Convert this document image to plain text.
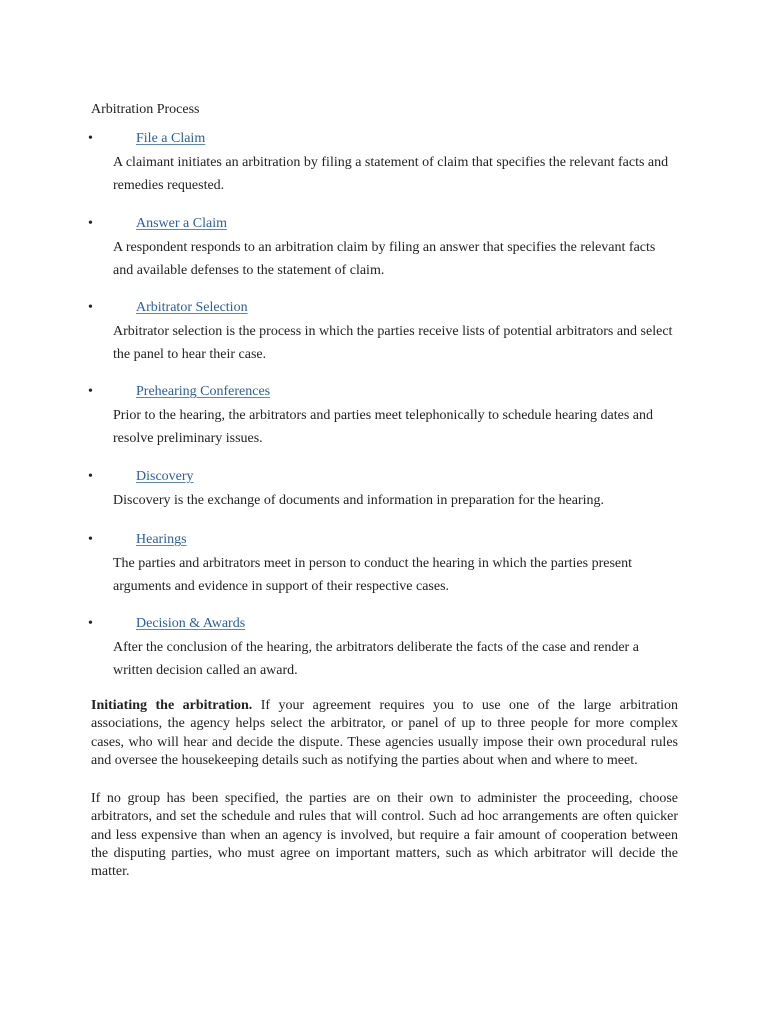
Arbitration Process
•	File a Claim

A claimant initiates an arbitration by filing a statement of claim that specifies the relevant facts and remedies requested.

•	Answer a Claim

A respondent responds to an arbitration claim by filing an answer that specifies the relevant facts and available defenses to the statement of claim.

•	Arbitrator Selection

Arbitrator selection is the process in which the parties receive lists of potential arbitrators and select the panel to hear their case.

•	Prehearing Conferences

Prior to the hearing, the arbitrators and parties meet telephonically to schedule hearing dates and resolve preliminary issues.

•	Discovery

Discovery is the exchange of documents and information in preparation for the hearing.

•	Hearings

The parties and arbitrators meet in person to conduct the hearing in which the parties present arguments and evidence in support of their respective cases.

•	Decision & Awards

After the conclusion of the hearing, the arbitrators deliberate the facts of the case and render a written decision called an award.

Initiating the arbitration. If your agreement requires you to use one of the large arbitration associations, the agency helps select the arbitrator, or panel of up to three people for more complex cases, who will hear and decide the dispute. These agencies usually impose their own procedural rules and oversee the housekeeping details such as notifying the parties about when and where to meet.

If no group has been specified, the parties are on their own to administer the proceeding, choose arbitrators, and set the schedule and rules that will control. Such ad hoc arrangements are often quicker and less expensive than when an agency is involved, but require a fair amount of cooperation between the disputing parties, who must agree on important matters, such as which arbitrator will decide the matter.
